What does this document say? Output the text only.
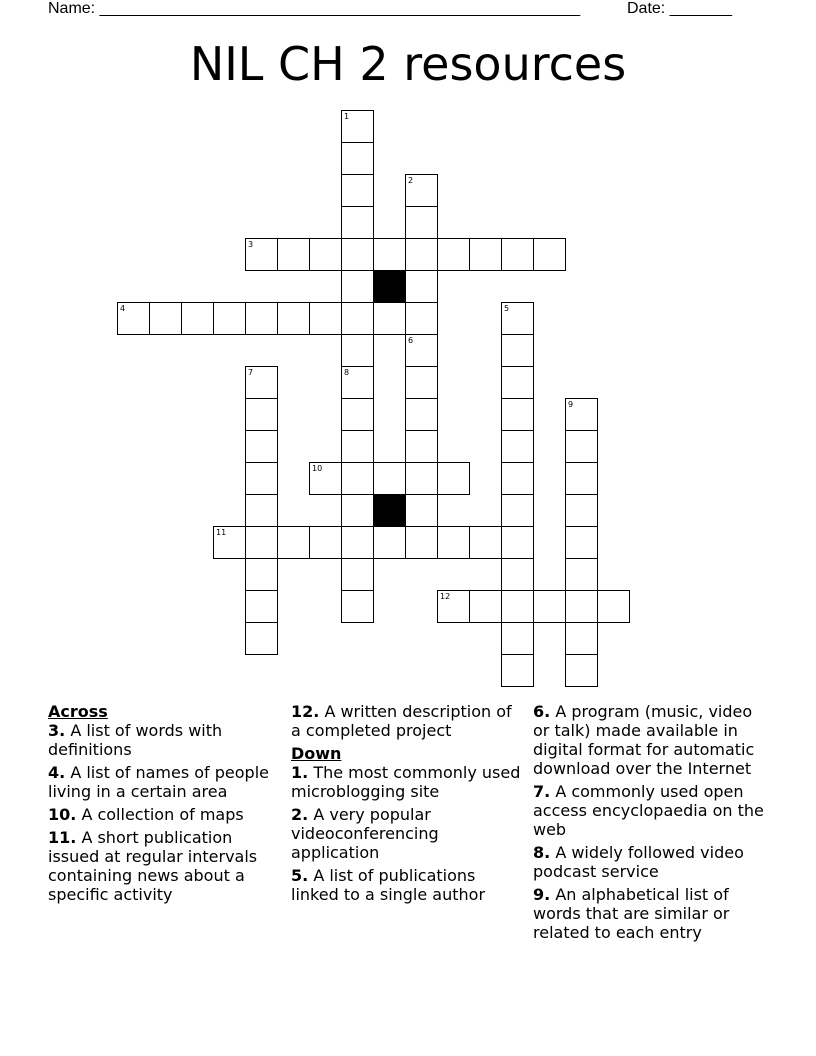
Name: ______________________________________________________	Date: _______
NIL CH 2 resources
1
2
3
4
6
5
7	8
9
10
11
12
Across
3. A list of words with definitions
4. A list of names of people living in a certain area
10. A collection of maps
11. A short publication issued at regular intervals containing news about a specific activity
12. A written description of a completed project
Down
1. The most commonly used microblogging site
2. A very popular videoconferencing application
5. A list of publications linked to a single author
6. A program (music, video or talk) made available in digital format for automatic download over the Internet
7. A commonly used open access encyclopaedia on the web
8. A widely followed video podcast service
9. An alphabetical list of words that are similar or related to each entry
